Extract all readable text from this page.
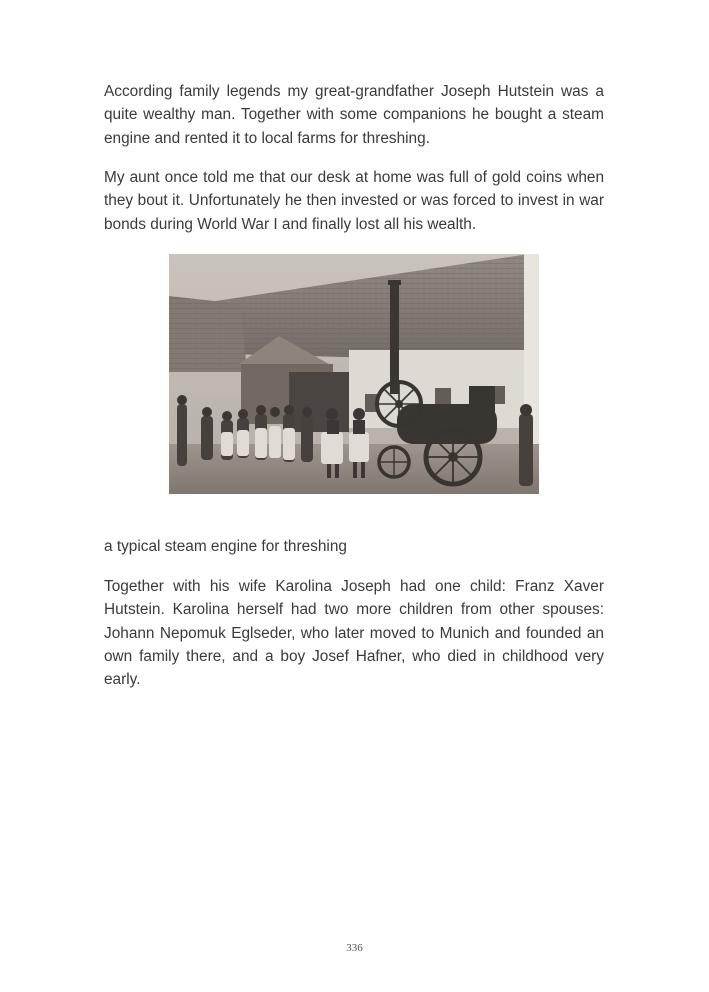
According family legends my great-grandfather Joseph Hutstein was a quite wealthy man. Together with some companions he bought a steam engine and rented it to local farms for threshing.

My aunt once told me that our desk at home was full of gold coins when they bout it. Unfortunately he then invested or was forced to invest in war bonds during World War I and finally lost all his wealth.

a typical steam engine for threshing

Together with his wife Karolina Joseph had one child: Franz Xaver Hutstein. Karolina herself had two more children from other spouses: Johann Nepomuk Eglseder, who later moved to Munich and founded an own family there, and a boy Josef Hafner, who died in childhood very early.

336
